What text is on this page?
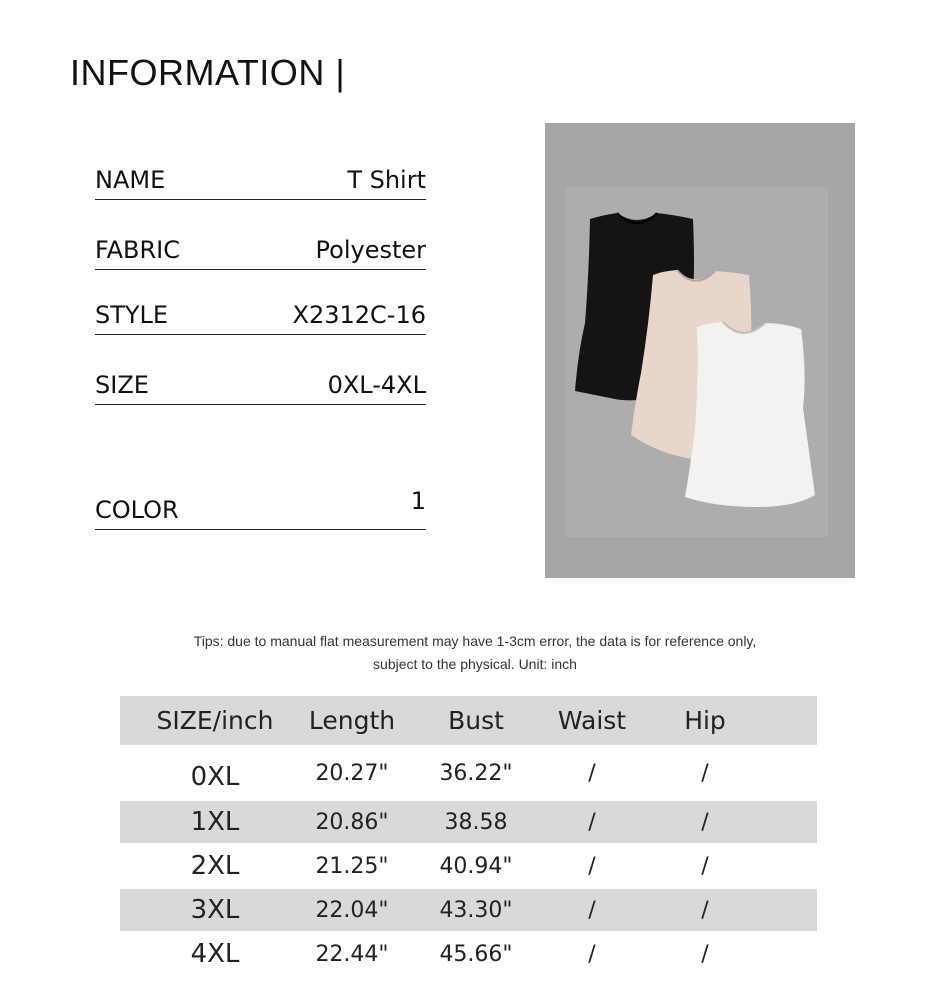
INFORMATION |
NAME	T Shirt
FABRIC	Polyester
STYLE	X2312C-16
SIZE	0XL-4XL
COLOR	1
Tips: due to manual flat measurement may have 1-3cm error, the data is for reference only,
subject to the physical. Unit: inch
SIZE/inch	Length	Bust	Waist	Hip
0XL	20.27"	36.22"	/	/
1XL	20.86"	38.58	/	/
2XL	21.25"	40.94"	/	/
3XL	22.04"	43.30"	/	/
4XL	22.44"	45.66"	/	/
